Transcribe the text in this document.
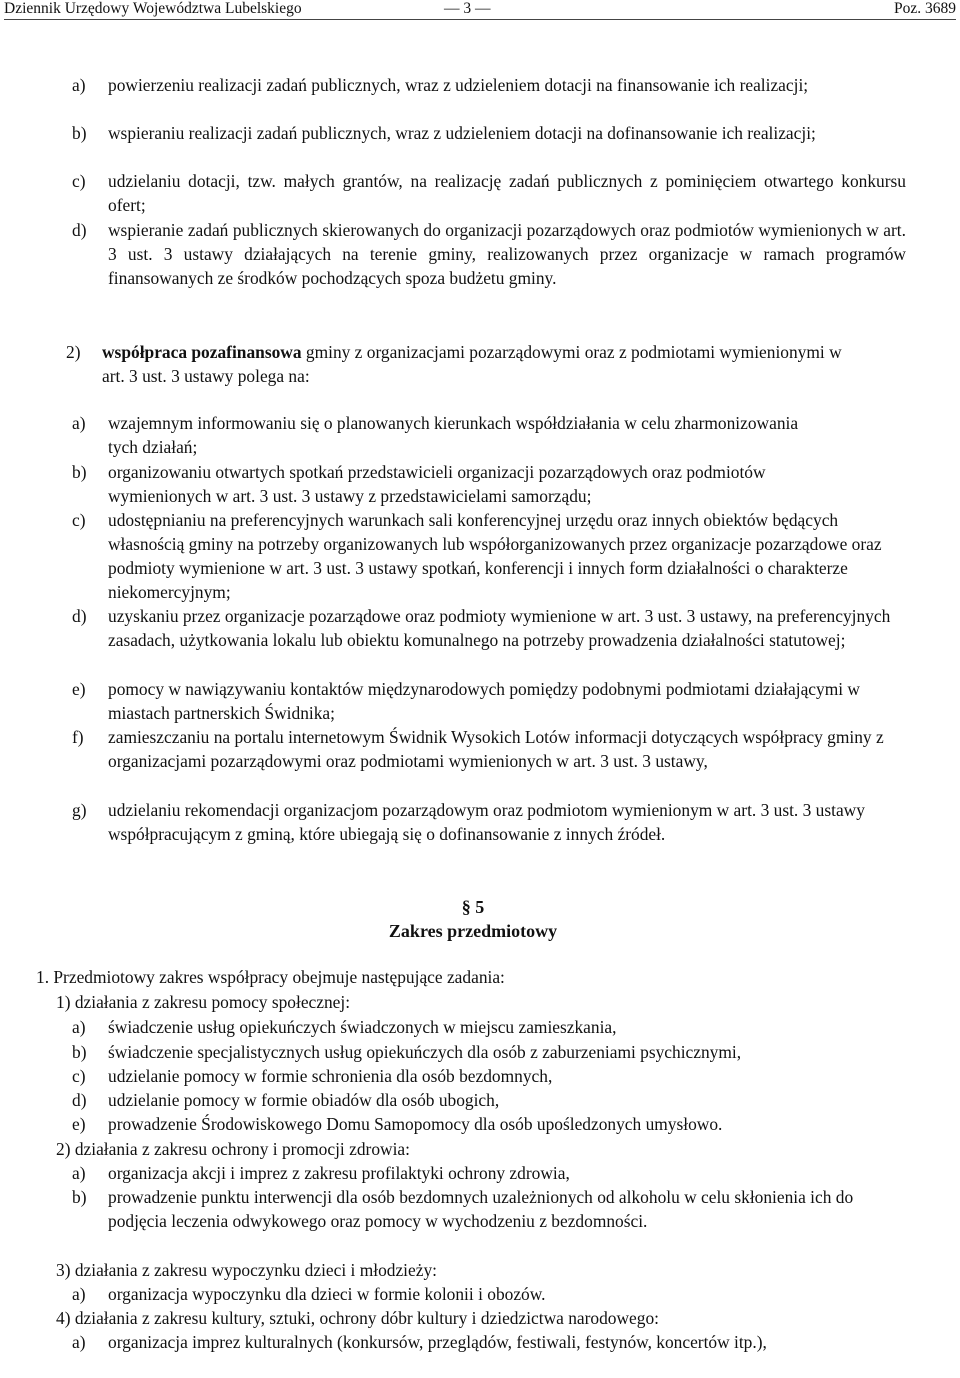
Dziennik Urzędowy Województwa Lubelskiego	— 3 —	Poz. 3689
a) powierzeniu realizacji zadań publicznych, wraz z udzieleniem dotacji na finansowanie ich realizacji;
b) wspieraniu realizacji zadań publicznych, wraz z udzieleniem dotacji na dofinansowanie ich realizacji;
c) udzielaniu dotacji, tzw. małych grantów, na realizację zadań publicznych z pominięciem otwartego konkursu ofert;
d) wspieranie zadań publicznych skierowanych do organizacji pozarządowych oraz podmiotów wymienionych w art. 3 ust. 3 ustawy działających na terenie gminy, realizowanych przez organizacje w ramach programów finansowanych ze środków pochodzących spoza budżetu gminy.
2) współpraca pozafinansowa gminy z organizacjami pozarządowymi oraz z podmiotami wymienionymi w art. 3 ust. 3 ustawy polega na:
a) wzajemnym informowaniu się o planowanych kierunkach współdziałania w celu zharmonizowania tych działań;
b) organizowaniu otwartych spotkań przedstawicieli organizacji pozarządowych oraz podmiotów wymienionych w art. 3 ust. 3 ustawy z przedstawicielami samorządu;
c) udostępnianiu na preferencyjnych warunkach sali konferencyjnej urzędu oraz innych obiektów będących własnością gminy na potrzeby organizowanych lub współorganizowanych przez organizacje pozarządowe oraz podmioty wymienione w art. 3 ust. 3 ustawy spotkań, konferencji i innych form działalności o charakterze niekomercyjnym;
d) uzyskaniu przez organizacje pozarządowe oraz podmioty wymienione w art. 3 ust. 3 ustawy, na preferencyjnych zasadach, użytkowania lokalu lub obiektu komunalnego na potrzeby prowadzenia działalności statutowej;
e) pomocy w nawiązywaniu kontaktów międzynarodowych pomiędzy podobnymi podmiotami działającymi w miastach partnerskich Świdnika;
f) zamieszczaniu na portalu internetowym Świdnik Wysokich Lotów informacji dotyczących współpracy gminy z organizacjami pozarządowymi oraz podmiotami wymienionych w art. 3 ust. 3 ustawy,
g) udzielaniu rekomendacji organizacjom pozarządowym oraz podmiotom wymienionym w art. 3 ust. 3 ustawy współpracującym z gminą, które ubiegają się o dofinansowanie z innych źródeł.
§ 5
Zakres przedmiotowy
1. Przedmiotowy zakres współpracy obejmuje następujące zadania:
1) działania z zakresu pomocy społecznej:
a) świadczenie usług opiekuńczych świadczonych w miejscu zamieszkania,
b) świadczenie specjalistycznych usług opiekuńczych dla osób z zaburzeniami psychicznymi,
c) udzielanie pomocy w formie schronienia dla osób bezdomnych,
d) udzielanie pomocy w formie obiadów dla osób ubogich,
e) prowadzenie Środowiskowego Domu Samopomocy dla osób upośledzonych umysłowo.
2) działania z zakresu ochrony i promocji zdrowia:
a) organizacja akcji i imprez z zakresu profilaktyki ochrony zdrowia,
b) prowadzenie punktu interwencji dla osób bezdomnych uzależnionych od alkoholu w celu skłonienia ich do podjęcia leczenia odwykowego oraz pomocy w wychodzeniu z bezdomności.
3) działania z zakresu wypoczynku dzieci i młodzieży:
a) organizacja wypoczynku dla dzieci w formie kolonii i obozów.
4) działania z zakresu kultury, sztuki, ochrony dóbr kultury i dziedzictwa narodowego:
a) organizacja imprez kulturalnych (konkursów, przeglądów, festiwali, festynów, koncertów itp.),
